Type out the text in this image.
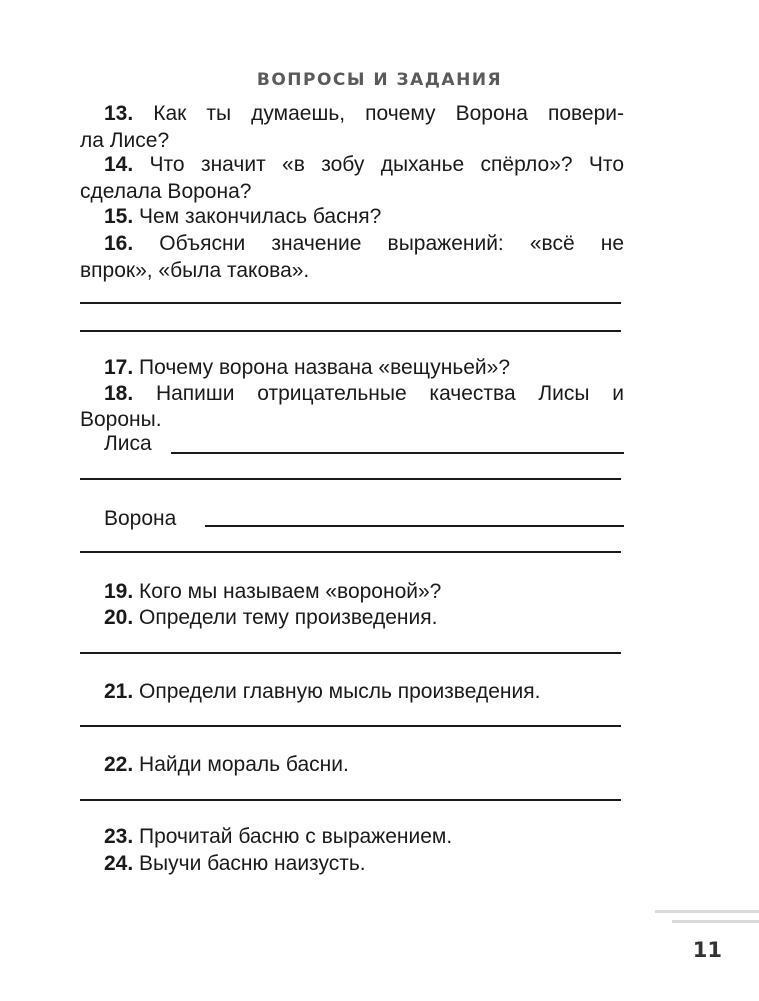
ВОПРОСЫ И ЗАДАНИЯ
13. Как ты думаешь, почему Ворона повери-
ла Лисе?
14. Что значит «в зобу дыханье спёрло»? Что
сделала Ворона?
15. Чем закончилась басня?
16. Объясни значение выражений: «всё не
впрок», «была такова».
17. Почему ворона названа «вещуньей»?
18. Напиши отрицательные качества Лисы и
Вороны.
Лиса
Ворона
19. Кого мы называем «вороной»?
20. Определи тему произведения.
21. Определи главную мысль произведения.
22. Найди мораль басни.
23. Прочитай басню с выражением.
24. Выучи басню наизусть.
11
